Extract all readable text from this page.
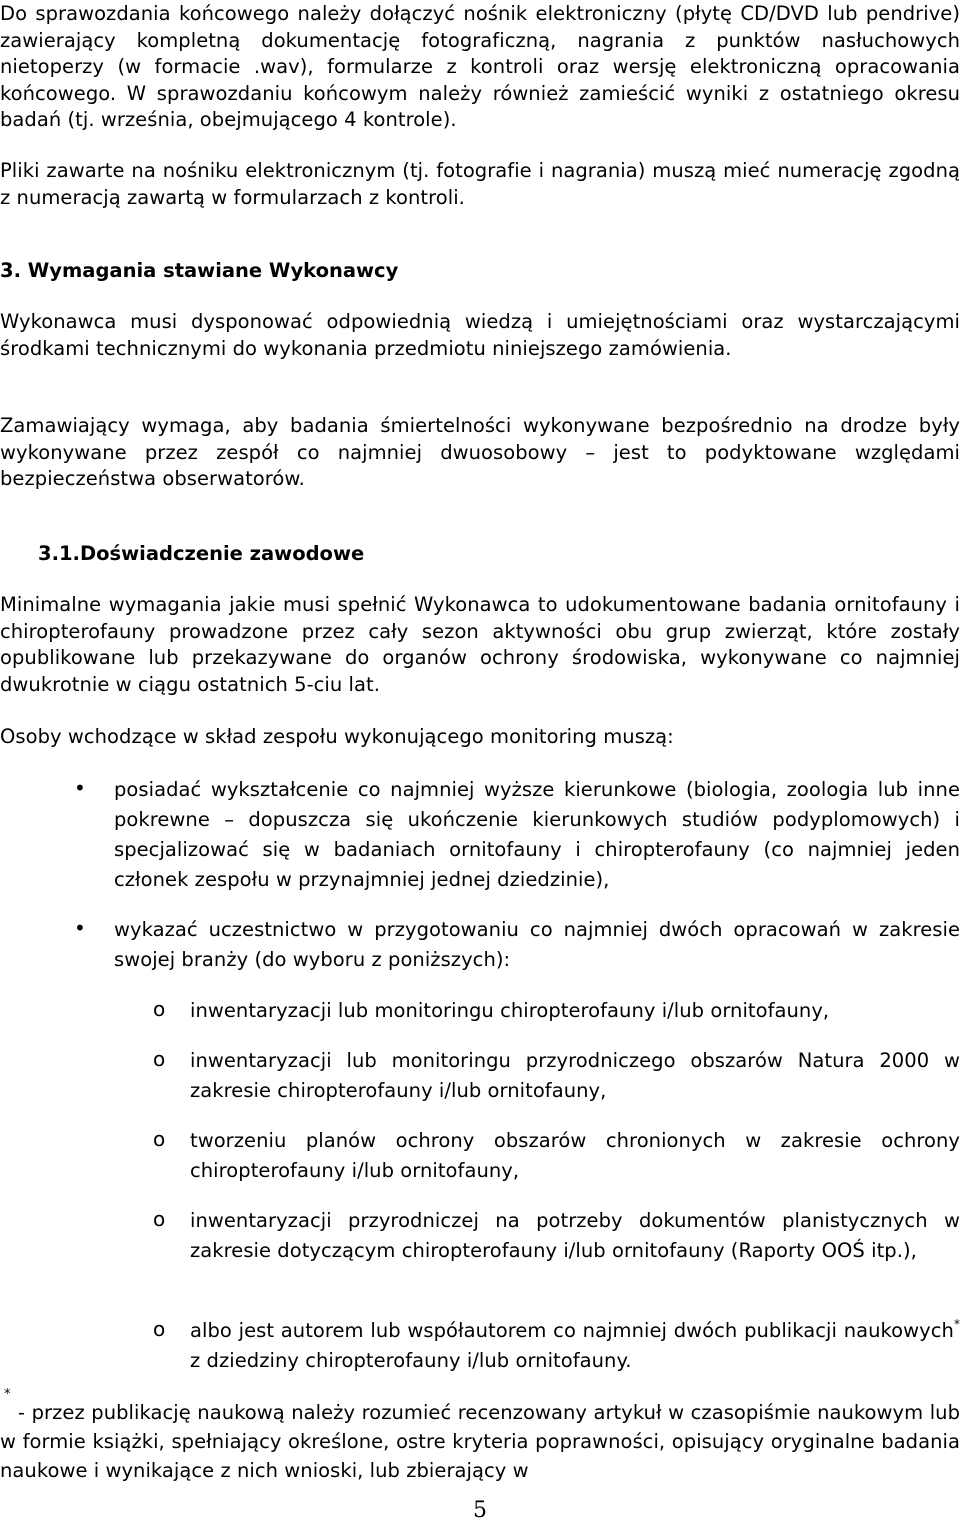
Do sprawozdania końcowego należy dołączyć nośnik elektroniczny (płytę CD/DVD lub pendrive) zawierający kompletną dokumentację fotograficzną, nagrania z punktów nasłuchowych nietoperzy (w formacie .wav), formularze z kontroli oraz wersję elektroniczną opracowania końcowego. W sprawozdaniu końcowym należy również zamieścić wyniki z ostatniego okresu badań (tj. września, obejmującego 4 kontrole).

Pliki zawarte na nośniku elektronicznym (tj. fotografie i nagrania) muszą mieć numerację zgodną z numeracją zawartą w formularzach z kontroli.

3. Wymagania stawiane Wykonawcy

Wykonawca musi dysponować odpowiednią wiedzą i umiejętnościami oraz wystarczającymi środkami technicznymi do wykonania przedmiotu niniejszego zamówienia.

Zamawiający wymaga, aby badania śmiertelności wykonywane bezpośrednio na drodze były wykonywane przez zespół co najmniej dwuosobowy – jest to podyktowane względami bezpieczeństwa obserwatorów.

3.1.Doświadczenie zawodowe

Minimalne wymagania jakie musi spełnić Wykonawca to udokumentowane badania ornitofauny i chiropterofauny prowadzone przez cały sezon aktywności obu grup zwierząt, które zostały opublikowane lub przekazywane do organów ochrony środowiska, wykonywane co najmniej dwukrotnie w ciągu ostatnich 5-ciu lat.

Osoby wchodzące w skład zespołu wykonującego monitoring muszą:

• posiadać wykształcenie co najmniej wyższe kierunkowe (biologia, zoologia lub inne pokrewne – dopuszcza się ukończenie kierunkowych studiów podyplomowych) i specjalizować się w badaniach ornitofauny i chiropterofauny (co najmniej jeden członek zespołu w przynajmniej jednej dziedzinie),

• wykazać uczestnictwo w przygotowaniu co najmniej dwóch opracowań w zakresie swojej branży (do wyboru z poniższych):

o inwentaryzacji lub monitoringu chiropterofauny i/lub ornitofauny,

o inwentaryzacji lub monitoringu przyrodniczego obszarów Natura 2000 w zakresie chiropterofauny i/lub ornitofauny,

o tworzeniu planów ochrony obszarów chronionych w zakresie ochrony chiropterofauny i/lub ornitofauny,

o inwentaryzacji przyrodniczej na potrzeby dokumentów planistycznych w zakresie dotyczącym chiropterofauny i/lub ornitofauny (Raporty OOŚ itp.),

o albo jest autorem lub współautorem co najmniej dwóch publikacji naukowych* z dziedziny chiropterofauny i/lub ornitofauny.

*

- przez publikację naukową należy rozumieć recenzowany artykuł w czasopiśmie naukowym lub w formie książki, spełniający określone, ostre kryteria poprawności, opisujący oryginalne badania naukowe i wynikające z nich wnioski, lub zbierający w

5
